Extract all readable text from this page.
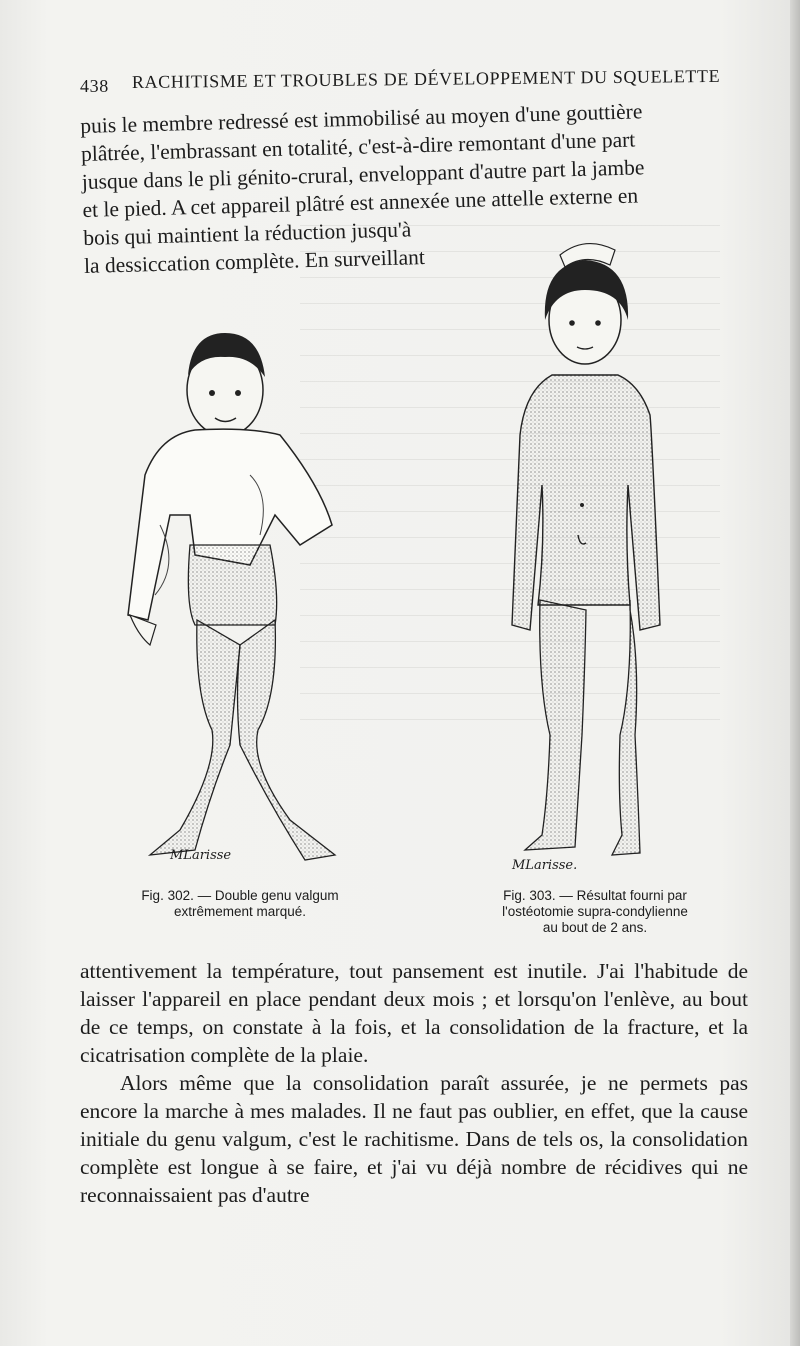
438 RACHITISME ET TROUBLES DE DÉVELOPPEMENT DU SQUELETTE
puis le membre redressé est immobilisé au moyen d'une gouttière
plâtrée, l'embrassant en totalité, c'est-à-dire remontant d'une part
jusque dans le pli génito-crural, enveloppant d'autre part la jambe
et le pied. A cet appareil plâtré est annexée une attelle externe en
bois qui maintient la réduction jusqu'à
la dessiccation complète. En surveillant
MLarisse
MLarisse.
Fig. 302. — Double genu valgum
extrêmement marqué.
Fig. 303. — Résultat fourni par
l'ostéotomie supra-condylienne
au bout de 2 ans.

attentivement la température, tout pansement est inutile. J'ai l'habitude de laisser l'appareil en place pendant deux mois ; et lorsqu'on l'enlève, au bout de ce temps, on constate à la fois, et la consolidation de la fracture, et la cicatrisation complète de la plaie.

Alors même que la consolidation paraît assurée, je ne permets pas encore la marche à mes malades. Il ne faut pas oublier, en effet, que la cause initiale du genu valgum, c'est le rachitisme. Dans de tels os, la consolidation complète est longue à se faire, et j'ai vu déjà nombre de récidives qui ne reconnaissaient pas d'autre
